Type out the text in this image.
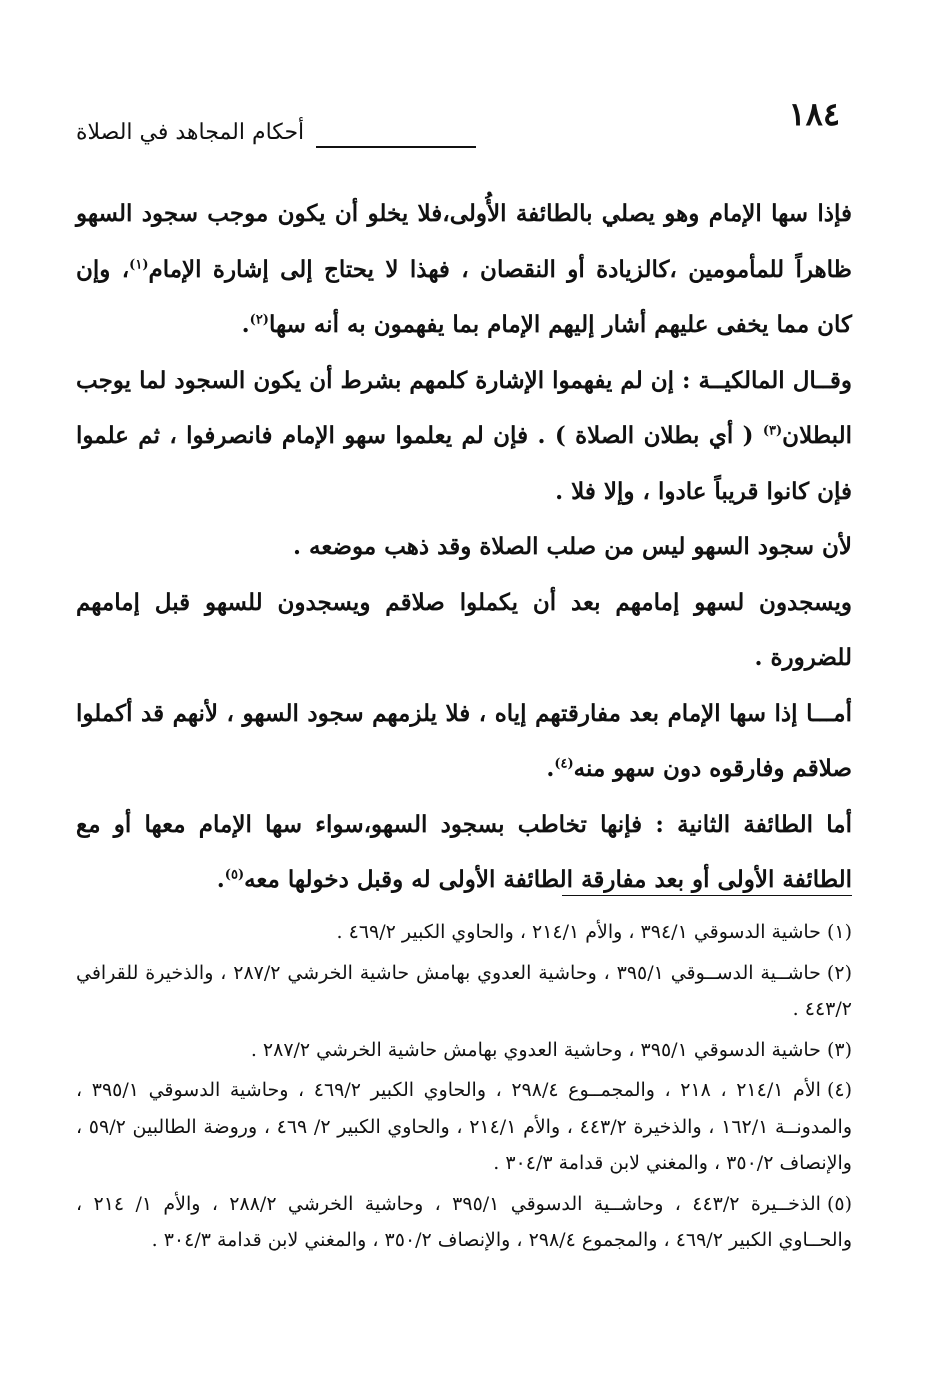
١٨٤
أحكام المجاهد في الصلاة

فإذا سها الإمام وهو يصلي بالطائفة الأُولى،فلا يخلو أن يكون موجب سجود السهو ظاهراً للمأمومين ،كالزيادة أو النقصان ، فهذا لا يحتاج إلى إشارة الإمام$^{(١)}$، وإن كان مما يخفى عليهم أشار إليهم الإمام بما يفهمون به أنه سها$^{(٢)}$.

وقــال المالكيــة : إن لم يفهموا الإشارة كلمهم بشرط أن يكون السجود لما يوجب البطلان$^{(٣)}$ ( أي بطلان الصلاة ) . فإن لم يعلموا سهو الإمام فانصرفوا ، ثم علموا فإن كانوا قريباً عادوا ، وإلا فلا .

لأن سجود السهو ليس من صلب الصلاة وقد ذهب موضعه .

ويسجدون لسهو إمامهم بعد أن يكملوا صلاقم ويسجدون للسهو قبل إمامهم للضرورة .

أمـــا إذا سها الإمام بعد مفارقتهم إياه ، فلا يلزمهم سجود السهو ، لأنهم قد أكملوا صلاقم وفارقوه دون سهو منه$^{(٤)}$.

أما الطائفة الثانية : فإنها تخاطب بسجود السهو،سواء سها الإمام معها أو مع الطائفة الأولى أو بعد مفارقة الطائفة الأولى له وقبل دخولها معه$^{(٥)}$.

(١)حاشية الدسوقي ٣٩٤/١ ، والأم ٢١٤/١ ، والحاوي الكبير ٤٦٩/٢ .

(٢)حاشــية الدســوقي ٣٩٥/١ ، وحاشية العدوي بهامش حاشية الخرشي ٢٨٧/٢ ، والذخيرة للقرافي ٤٤٣/٢ .

(٣)حاشية الدسوقي ٣٩٥/١ ، وحاشية العدوي بهامش حاشية الخرشي ٢٨٧/٢ .

(٤)الأم ٢١٤/١ ، ٢١٨ ، والمجمــوع ٢٩٨/٤ ، والحاوي الكبير ٤٦٩/٢ ، وحاشية الدسوقي ٣٩٥/١ ، والمدونــة ١٦٢/١ ، والذخيرة ٤٤٣/٢ ، والأم ٢١٤/١ ، والحاوي الكبير ٢/ ٤٦٩ ، وروضة الطالبين ٥٩/٢ ، والإنصاف ٣٥٠/٢ ، والمغني لابن قدامة ٣٠٤/٣ .

(٥)الذخــيرة ٤٤٣/٢ ، وحاشــية الدسوقي ٣٩٥/١ ، وحاشية الخرشي ٢٨٨/٢ ، والأم ١/ ٢١٤ ، والحــاوي الكبير ٤٦٩/٢ ، والمجموع ٢٩٨/٤ ، والإنصاف ٣٥٠/٢ ، والمغني لابن قدامة ٣٠٤/٣ .
